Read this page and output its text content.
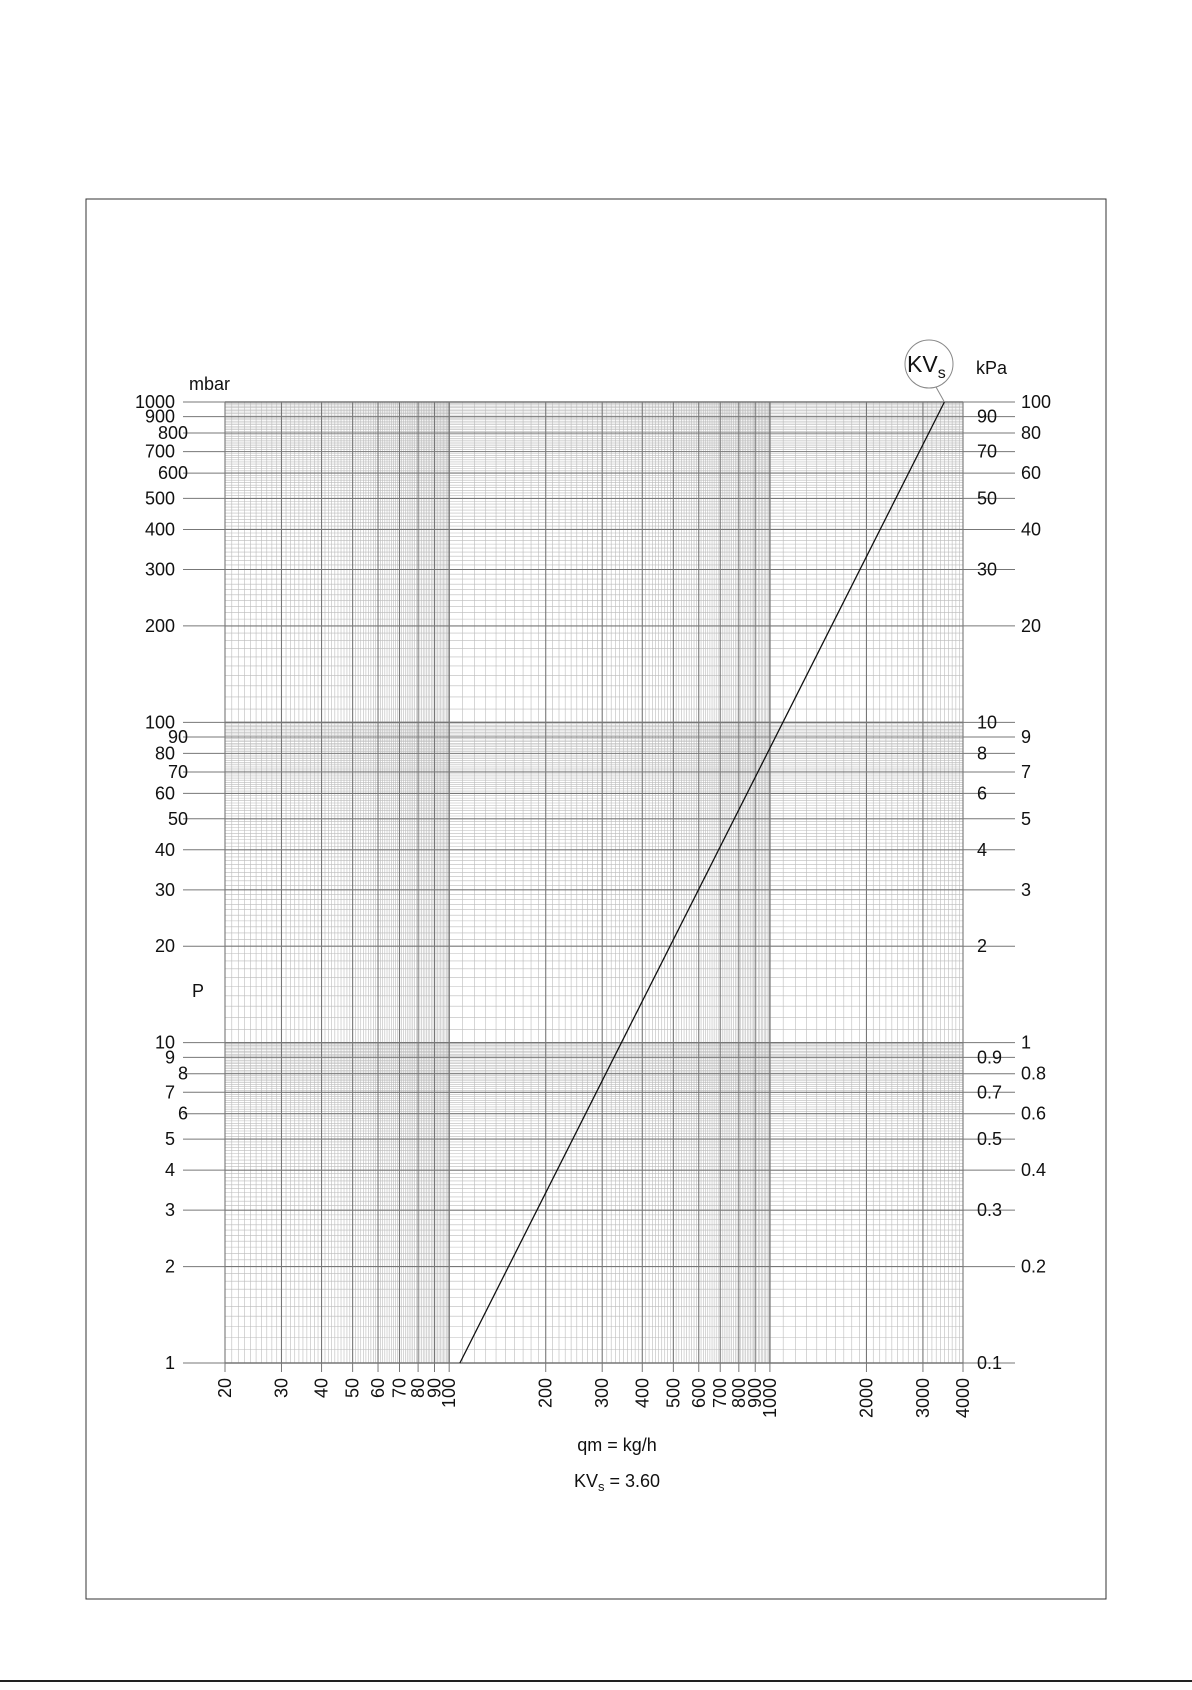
1
2
3
4
5
6
7
8
9
10
20
30
40
50
60
70
80
90
100
200
300
400
500
600
700
800
900
1000
0.1
0.2
0.3
0.4
0.5
0.6
0.7
0.8
0.9
1
2
3
4
5
6
7
8
9
10
20
30
40
50
60
70
80
90
100
20 30 40 50 60 70
80
90
100	200 300 400 500 600 700
800
900
1000	2000 3000 4000
mbar
kPa
P
qm = kg/h
$KV_s = 3.60$
$KV_s$
